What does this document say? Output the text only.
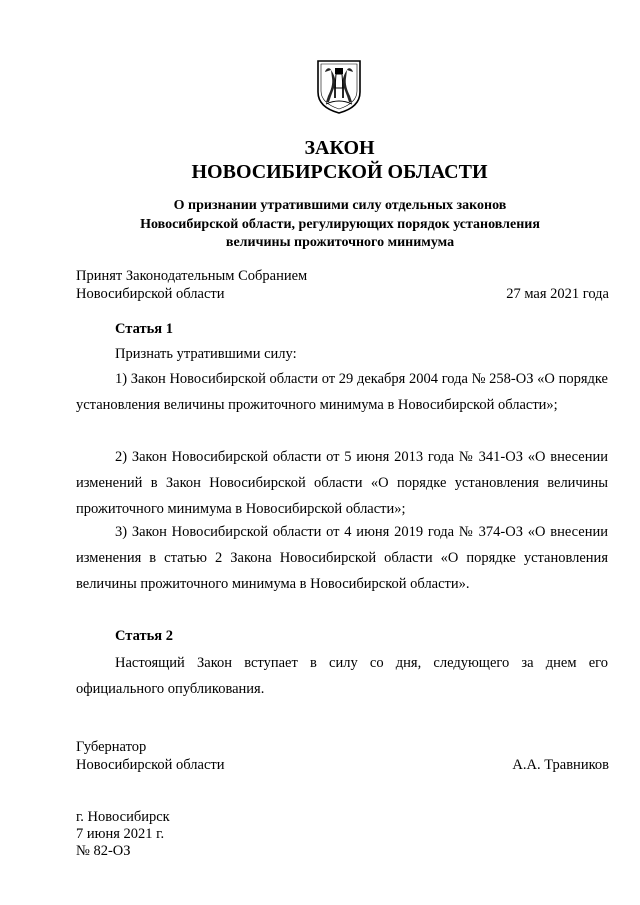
ЗАКОН
НОВОСИБИРСКОЙ ОБЛАСТИ
О признании утратившими силу отдельных законов
Новосибирской области, регулирующих порядок установления
величины прожиточного минимума
Принят Законодательным Собранием
Новосибирской области	27 мая 2021 года
Статья 1
Признать утратившими силу:
1) Закон Новосибирской области от 29 декабря 2004 года № 258-ОЗ «О порядке установления величины прожиточного минимума в Новосибирской области»;
2) Закон Новосибирской области от 5 июня 2013 года № 341-ОЗ «О внесении изменений в Закон Новосибирской области «О порядке установления величины прожиточного минимума в Новосибирской области»;
3) Закон Новосибирской области от 4 июня 2019 года № 374-ОЗ «О внесении изменения в статью 2 Закона Новосибирской области «О порядке установления величины прожиточного минимума в Новосибирской области».
Статья 2
Настоящий Закон вступает в силу со дня, следующего за днем его официального опубликования.
Губернатор
Новосибирской области	А.А. Травников
г. Новосибирск
7 июня 2021 г.
№ 82-ОЗ
